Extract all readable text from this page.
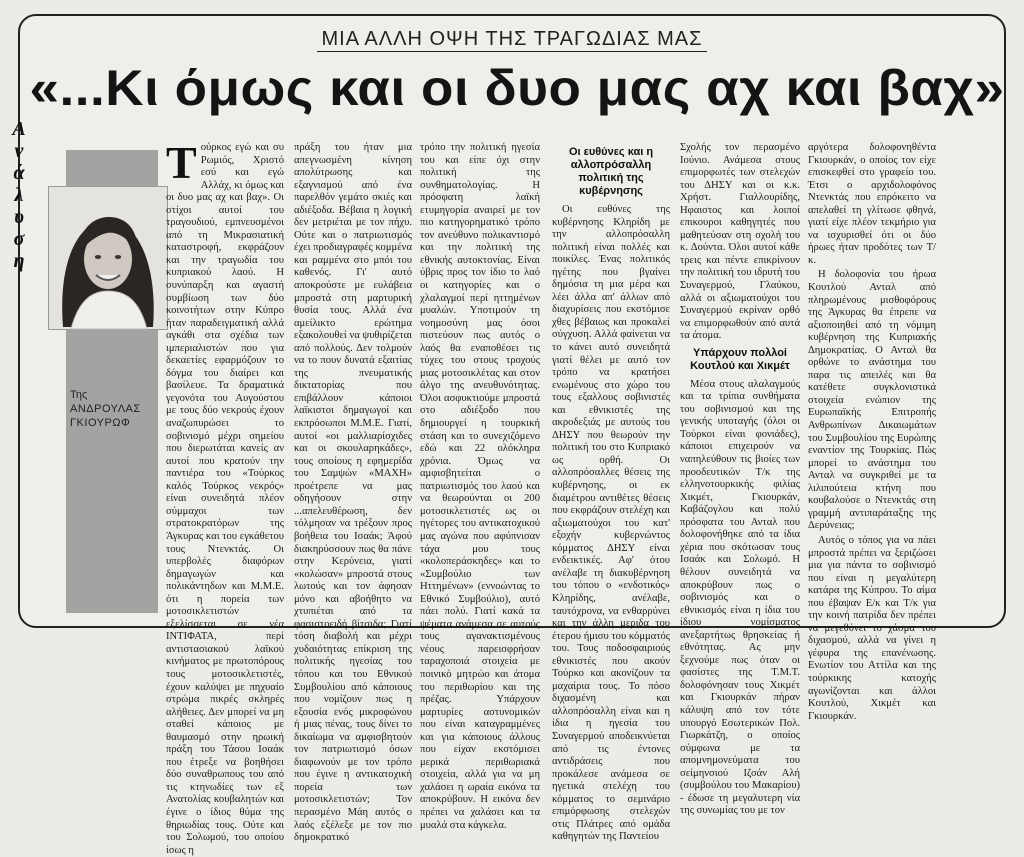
ΜΙΑ ΑΛΛΗ ΟΨΗ ΤΗΣ ΤΡΑΓΩΔΙΑΣ ΜΑΣ
«...Κι όμως και οι δυο μας αχ και βαχ»
Α
ν
ά
λ
υ
σ
η
Της
ΑΝΔΡΟΥΛΑΣ
ΓΚΙΟΥΡΩΦ
Τ ούρκος εγώ και συ Ρωμιός, Χριστό εσύ και εγώ Αλλάχ, κι όμως και οι δυο μας αχ και βαχ». Οι στίχοι αυτοί του τραγουδιού, εμπνευσμένοι από τη Μικρασιατική καταστροφή, εκφράζουν και την τραγωδία του κυπριακού λαού. Η συνύπαρξη και αγαστή συμβίωση των δύο κοινοτήτων στην Κύπρο ήταν παραδειγματική αλλά αγκάθι στα σχέδια των ιμπεριαλιστών που για δεκαετίες εφαρμόζουν το δόγμα του διαίρει και βασίλευε. Τα δραματικά γεγονότα του Αυγούστου με τους δύο νεκρούς έχουν αναζωπυρώσει το σοβινισμό μέχρι σημείου που διερωτάται κανείς αν αυτοί που κρατούν την παντιέρα του «Τούρκος καλός Τούρκος νεκρός» είναι συνειδητά πλέον σύμμαχοι των στρατοκρατόρων της Άγκυρας και του εγκάθετου τους Ντενκτάς. Οι υπερβολές διαφόρων δημαγωγών και πολικάντηδων και Μ.Μ.Ε. ότι η πορεία των μοτοσικλετιστών εξελίσσεται σε νέα ΙΝΤΙΦΑΤΑ, περί αντιστασιακού λαϊκού κινήματος με πρωτοπόρους τους μοτοσικλετιστές, έχουν καλύψει με πηχυαίο στρώμα πικρές σκληρές αλήθειες. Δεν μπορεί να μη σταθεί κάποιος με θαυμασμό στην ηρωική πράξη του Τάσου Ισαάκ που έτρεξε να βοηθήσει δύο συναθρωπους του από τις κτηνωδίες των εξ Ανατολίας κουβαλητών και έγινε ο ίδιος θύμα της θηριωδίας τους. Ούτε και του Σολωμού, του οποίου ίσως η

πράξη του ήταν μια απεγνωσμένη κίνηση απολύτρωσης και εξαγνισμού από ένα παρελθόν γεμάτο σκιές και αδιέξοδα. Βέβαια η λογική δεν μετριέται με τον πήχυ. Ούτε και ο πατριωτισμός έχει προδιαγραφές κομμένα και ραμμένα στο μπόι του καθενός. Γι' αυτό αποκρούστε με ευλάβεια μπροστά στη μαρτυρική θυσία τους. Αλλά ένα αμείλικτο ερώτημα εξακολουθεί να ψυθιρίζεται από πολλούς. Δεν τολμούν να το πουν δυνατά εξαιτίας της πνευματικής δικτατορίας που επιβάλλουν κάποιοι λαϊκιστοι δημαγωγοί και εκπρόσωποι Μ.Μ.Ε. Γιατί, αυτοί «οι μαλλιαρίσχιδες και οι σκουλαρηκάδες», τους οποίους η εφημερίδα του Σαμψών «ΜΑΧΗ» προέτρεπε να μας οδηγήσουν στην ...απελευθέρωση, δεν τόλμησαν να τρέξουν προς βοήθεια του Ισαάκ; Άφού διακηρύσσουν πως θα πάνε στην Κερύνεια, γιατί «κολώσαν» μπροστά στους λωτούς και τον άφησαν μόνο και αβοήθητο να χτυπιέται από τα φασιστοειδή βίτσιδα; Γιατί τόση διαβολή και μέχρι χυδαιότητας επίκριση της πολιτικής ηγεσίας του τόπου και του Εθνικού Συμβουλίου από κάποιους που νομίζουν πως η εξουσία ενός μικροφώνου ή μιας πένας, τους δίνει το δικαίωμα να αμφισβητούν τον πατριωτισμό όσων διαφωνούν με τον τρόπο που έγινε η αντικατοχική πορεία των μοτοσικλετιστών; Τον περασμένο Μάη αυτός ο λαός εξέλεξε με τον πιο δημοκρατικό

τρόπο την πολιτική ηγεσία του και είπε όχι στην πολιτική της συνθηματολογίας. Η πρόσφατη λαϊκή ετυμηγορία αναιρεί με τον πιο κατηγορηματικό τρόπο τον ανεύθυνο πολικαντισμό και την πολιτική της εθνικής αυτοκτονίας. Είναι ύβρις προς τον ίδιο το λαό οι κατηγορίες και ο χλαλαγμοί περί ηττημένων μυαλών. Υποτιμούν τη νοημοσύνη μας όσοι πιστεύουν πως αυτός ο λαός θα εναποθέσει τις τύχες του στους τροχούς μιας μοτοσικλέτας και στον άλγο της ανευθυνότητας. Όλοι ασφυκτιούμε μπροστά στο αδιέξοδο που δημιουργεί η τουρκική στάση και το συνεχιζόμενο εδώ και 22 ολόκληρα χρόνια. Όμως να αμφισβητείται ο πατριωτισμός του λαού και να θεωρούνται οι 200 μοτοσικλετιστές ως οι ηγέτορες του αντικατοχικού μας αγώνα που αφύπνισαν τάχα μου τους «κολοπεράσκηδες» και το «Συμβούλιο των Ηττημένων» (εννοώντας το Εθνικό Συμβούλιο), αυτό πάει πολύ. Γιατί κακά τα ψέματα ανάμεσα σε αυτούς τους αγανακτισμένους νέους παρεισφρήσαν ταραχοποιά στοιχεία με ποινικό μητρώο και άτομα του περιθωρίου και της πρέζας. Υπάρχουν μαρτυρίες αστυνομικών που είναι καταγραμμένες και για κάποιους άλλους που είχαν εκστόμισει μερικά περιθωριακά στοιχεία, αλλά για να μη χαλάσει η ωραία εικόνα τα αποκρύβουν. Η εικόνα δεν πρέπει να χαλάσει και τα μυαλά στα κάγκελα.

Οι ευθύνες και η αλλοπρόσαλλη πολιτική της κυβέρνησης

Οι ευθύνες της κυβέρνησης Κληρίδη με την αλλοπρόσαλλη πολιτική είναι πολλές και ποικίλες. Ένας πολιτικός ηγέτης που βγαίνει δημόσια τη μια μέρα και λέει άλλα απ' άλλων από διαχυρίσεις που εκστόμισε χθες βέβαιως και προκαλεί σύγχυση. Αλλά φαίνεται να το κάνει αυτό συνειδητά γιατί θέλει με αυτό τον τρόπο να κρατήσει ενωμένους στο χώρο του τους εξαλλους σοβινιστές και εθνικιστές της ακροδεξιάς με αυτούς του ΔΗΣΥ που θεωρούν την πολιτική του στο Κυπριακό ως ορθή. Οι αλλοπρόσαλλες θέσεις της κυβέρνησης, οι εκ διαμέτρου αντιθέτες θέσεις που εκφράζουν στελέχη και αξιωματούχοι του κατ' εξοχήν κυβερνώντος κόμματος ΔΗΣΥ είναι ενδεικτικές. Αφ' ότου ανέλαβε τη διακυβέρνηση του τόπου ο «ενδοτικός» Κληρίδης, ανέλαβε, ταυτόχρονα, να ενθαρρύνει και την άλλη μεριδα του έτερου ήμισυ του κόμματός του. Τους ποδοσφαιριούς εθνικιστές που ακούν Τούρκο και ακονίζουν τα μαχαίρια τους. Το πόσο διχασμένη και αλλοπρόσαλλη είναι και η ίδια η ηγεσία του Συναγερμού αποδεικνύεται από τις έντονες αντιδράσεις που προκάλεσε ανάμεσα σε ηγετικά στελέχη του κόμματος το σεμινάριο επιμόρφωσης στελεχών στις Πλάτρες από ομάδα καθηγητών της Παντείου

Σχολής τον περασμένο Ιούνιο. Ανάμεσα στους επιμορφωτές των στελεχών του ΔΗΣΥ και οι κ.κ. Χρήστ. Γιαλλουρίδης, Ηφαιστος και λοιποί επικουροι καθηγητές που μαθητεύσαν στη σχολή του κ. Δούντα. Όλοι αυτοί κάθε τρεις και πέντε επικρίνουν την πολιτική του ιδρυτή του Συναγερμού, Γλαύκου, αλλά οι αξιωματούχοι του Συναγερμού εκρίναν ορθό να επιμορφωθούν από αυτά τα άτομα.

Υπάρχουν πολλοί Κουτλού και Χικμέτ

Μέσα στους αλαλαγμούς και τα τρίπια συνθήματα του σοβινισμού και της γενικής υποταγής (όλοι οι Τούρκοι είναι φονιάδες), κάποιοι επιχειρούν να ναπηλεύθουν τις βιοίες των προοδευτικών Τ/κ της ελληνοτουρκικής φιλίας Χικμέτ, Γκιουρκάν, Καβάζογλου και πολύ πρόσφατα του Ανταλ που δολοφονήθηκε από τα ίδια χέρια που σκότωσαν τους Ισαάκ και Σολωμό. Η θέλουν συνειδητά να αποκρύβουν πως ο σοβινισμός και ο εθνικισμός είναι η ίδια του ίδιου νομίσματος ανεξαρτήτως θρησκείας ή εθνότητας. Ας μην ξεχνούμε πως όταν οι φασίστες της Τ.Μ.Τ. δολοφόνησαν τους Χικμέτ και Γκιουρκάν πήραν κάλυψη από τον τότε υπουργό Εσωτερικών Πολ. Γιωρκάτζη, ο οποίος σύμφωνα με τα απομνημονεύματα του σείμηνσιού Ιζσάν Αλή (συμβούλου του Μακαρίου) - έδωσε τη μεγαλυτερη νία της συνωμίας του με τον

αργότερα δολοφονηθέντα Γκιουρκάν, ο οποίος τον είχε επισκεφθεί στο γραφείο του. Έτσι ο αρχιδολοφόνος Ντενκτάς που επρόκειτο να απελαθεί τη γλίτωσε φθηνά, γιατί είχε πλέον τεκμήριο για να ισχυρισθεί ότι οι δύο ήρωες ήταν προδότες των Τ/κ.

Η δολοφονία του ήρωα Κουτλού Ανταλ από πληρωμένους μισθοφόρους της Άγκυρας θα έπρεπε να αξιοποιηθεί από τη νόμιμη κυβέρνηση της Κυπριακής Δημοκρατίας. Ο Ανταλ θα ορθώνε το ανάστημα του παρα τις απειλές και θα κατέθετε συγκλονιστικά στοιχεία ενώπιον της Ευρωπαϊκής Επιτροπής Ανθρωπίνων Δικαιωμάτων του Συμβουλίου της Ευρώπης εναντίον της Τουρκίας. Πώς μπορεί το ανάστημα του Ανταλ να συγκριθεί με τα λιλιπούτεια κτήνη που κουβαλούσε ο Ντενκτάς στη γραμμή αντιπαράταξης της Δερύνειας;

Αυτός ο τόπος για να πάει μπροστά πρέπει να ξεριζώσει μια για πάντα το σοβινισμό που είναι η μεγαλύτερη κατάρα της Κύπρου. Το αίμα που έβαψαν Ε/κ και Τ/κ για την κοινή πατρίδα δεν πρέπει να μεγεθύνει το χάσμα του διχασμού, αλλά να γίνει η γέφυρα της επανένωσης. Ενωτίον του Αττίλα και της τούρκικης κατοχής αγωνίζονται και άλλοι Κουτλού, Χικμέτ και Γκιουρκάν.
